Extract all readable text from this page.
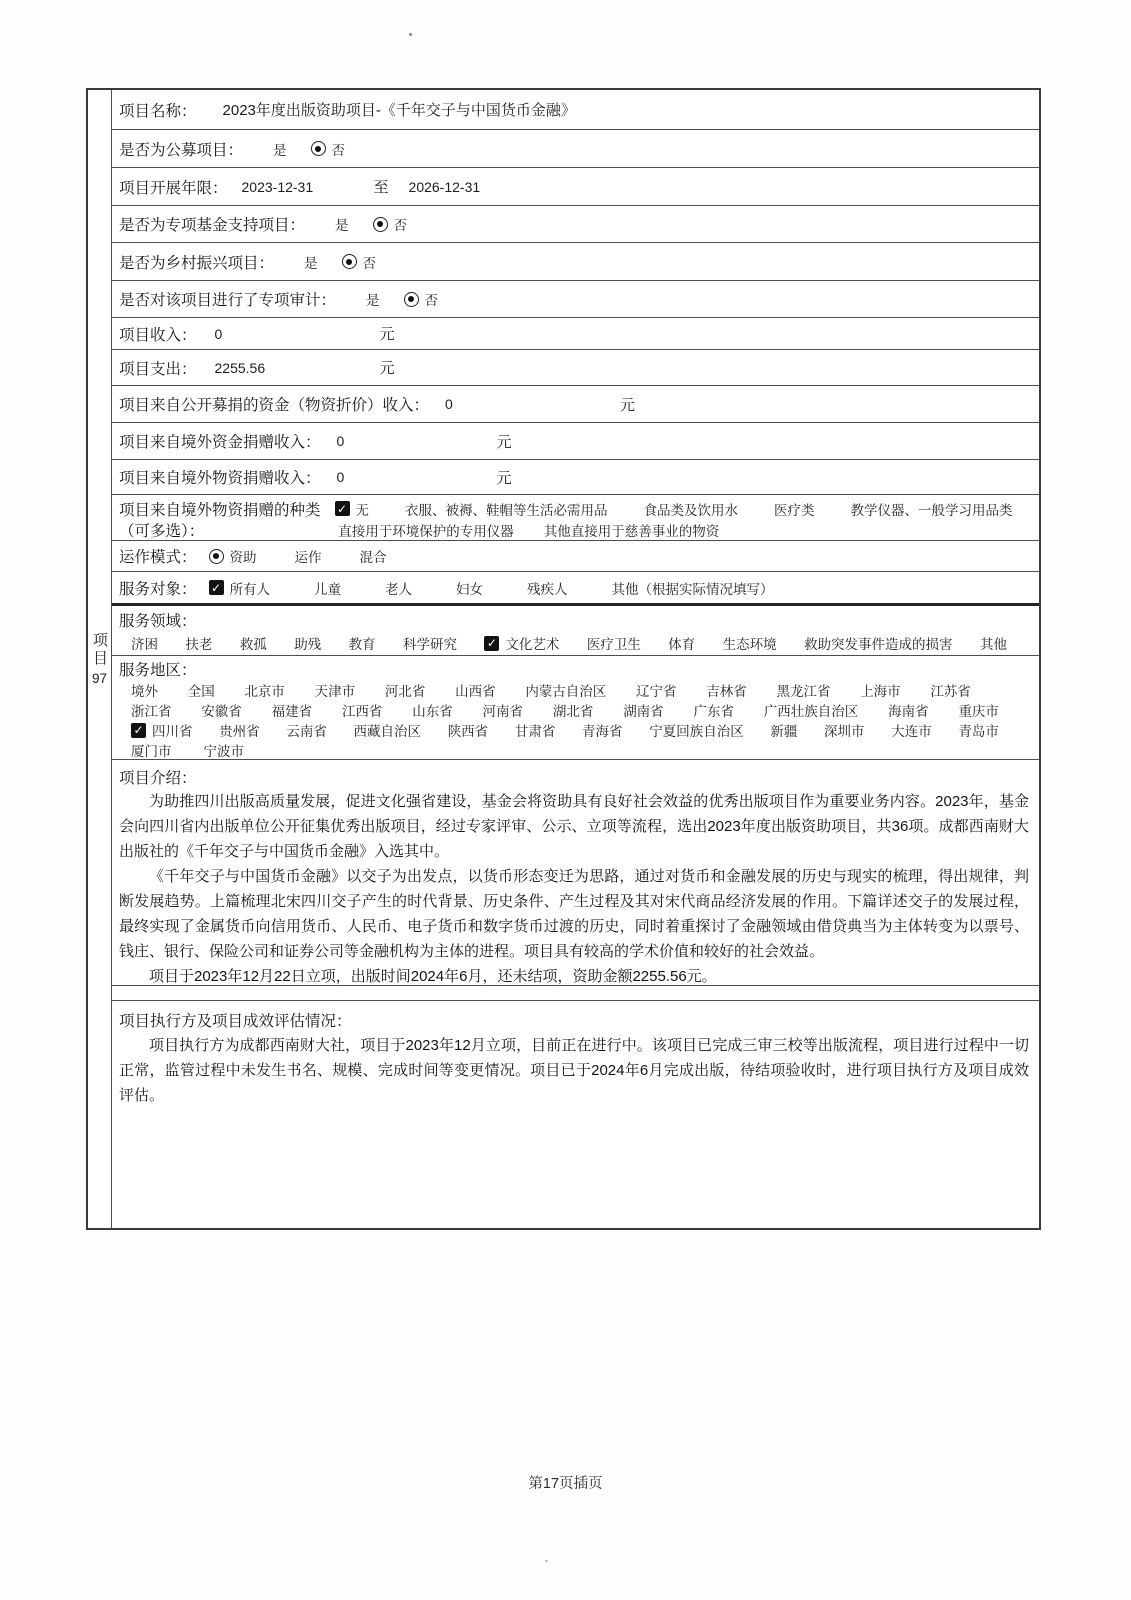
项目
97
项目名称： 2023年度出版资助项目-《千年交子与中国货币金融》
是否为公募项目： 是	否
项目开展年限： 2023-12-31	至 2026-12-31
是否为专项基金支持项目： 是	否
是否为乡村振兴项目： 是	否
是否对该项目进行了专项审计： 是	否
项目收入： 0	元
项目支出： 2255.56	元
项目来自公开募捐的资金（物资折价）收入： 0	元
项目来自境外资金捐赠收入： 0	元
项目来自境外物资捐赠收入： 0	元
项目来自境外物资捐赠的种类 ✓ 无	衣服、被褥、鞋帽等生活必需用品	食品类及饮用水	医疗类	教学仪器、一般学习用品类
（可多选）：	直接用于环境保护的专用仪器 其他直接用于慈善事业的物资
运作模式： 资助	运作	混合
服务对象： ✓ 所有人	儿童	老人	妇女	残疾人	其他（根据实际情况填写）
服务领域：
济困 扶老 救孤 助残 教育 科学研究 ✓ 文化艺术 医疗卫生 体育 生态环境 救助突发事件造成的损害 其他
服务地区：
境外 全国 北京市 天津市 河北省 山西省 内蒙古自治区 辽宁省 吉林省 黑龙江省 上海市 江苏省
浙江省 安徽省 福建省 江西省 山东省 河南省 湖北省 湖南省 广东省 广西壮族自治区 海南省 重庆市
✓ 四川省 贵州省 云南省 西藏自治区 陕西省 甘肃省 青海省 宁夏回族自治区 新疆 深圳市 大连市 青岛市
厦门市 宁波市
项目介绍：

为助推四川出版高质量发展，促进文化强省建设，基金会将资助具有良好社会效益的优秀出版项目作为重要业务内容。2023年，基金会向四川省内出版单位公开征集优秀出版项目，经过专家评审、公示、立项等流程，选出2023年度出版资助项目，共36项。成都西南财大出版社的《千年交子与中国货币金融》入选其中。

《千年交子与中国货币金融》以交子为出发点，以货币形态变迁为思路，通过对货币和金融发展的历史与现实的梳理，得出规律，判断发展趋势。上篇梳理北宋四川交子产生的时代背景、历史条件、产生过程及其对宋代商品经济发展的作用。下篇详述交子的发展过程，最终实现了金属货币向信用货币、人民币、电子货币和数字货币过渡的历史，同时着重探讨了金融领域由借贷典当为主体转变为以票号、钱庄、银行、保险公司和证券公司等金融机构为主体的进程。项目具有较高的学术价值和较好的社会效益。

项目于2023年12月22日立项，出版时间2024年6月，还未结项，资助金额2255.56元。

项目执行方及项目成效评估情况：

项目执行方为成都西南财大社，项目于2023年12月立项，目前正在进行中。该项目已完成三审三校等出版流程，项目进行过程中一切正常，监管过程中未发生书名、规模、完成时间等变更情况。项目已于2024年6月完成出版，待结项验收时，进行项目执行方及项目成效评估。

第17页插页
